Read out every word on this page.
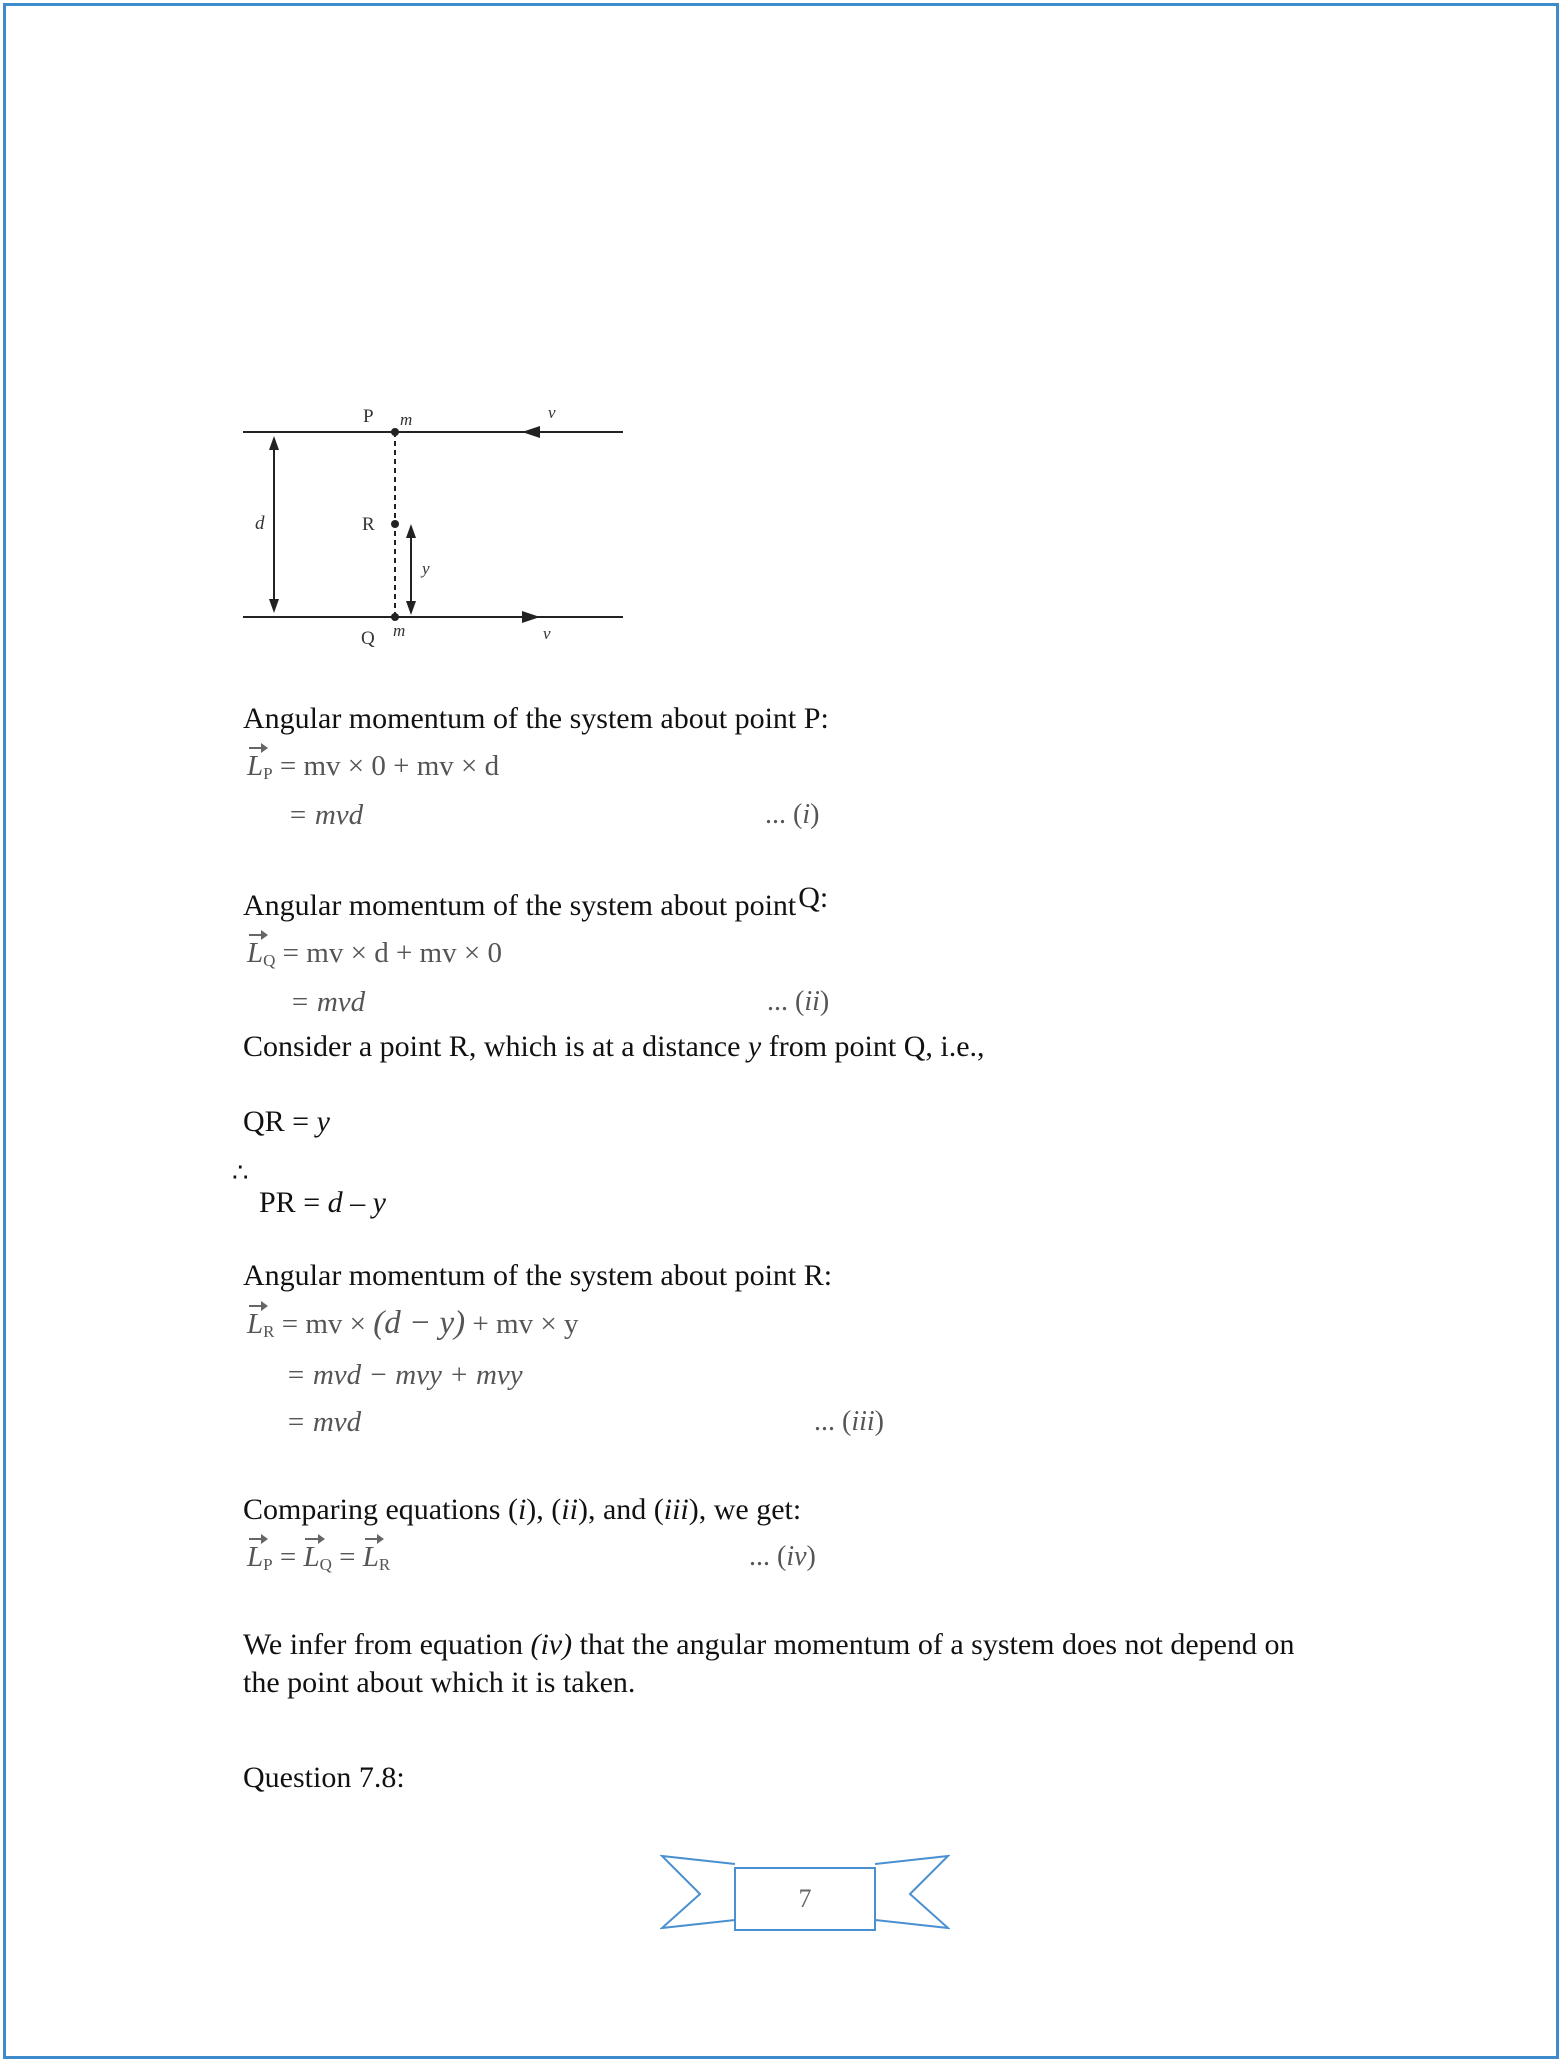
P m	v
d	R
y
Q m	v
Angular momentum of the system about point P:
$L_P$ = mv × 0 + mv × d
= mvd	... (i)
Angular momentum of the system about pointQ:
$L_Q$ = mv × d + mv × 0
= mvd	... (ii)
Consider a point R, which is at a distance y from point Q, i.e.,
QR = y
∴
PR = d – y
Angular momentum of the system about point R:
$L_R$ = mv × (d − y) + mv × y
= mvd − mvy + mvy
= mvd	... (iii)
Comparing equations (i), (ii), and (iii), we get:
$L_P = L_Q = L_R$	... (iv)
We infer from equation (iv) that the angular momentum of a system does not depend on
the point about which it is taken.
Question 7.8:
7
